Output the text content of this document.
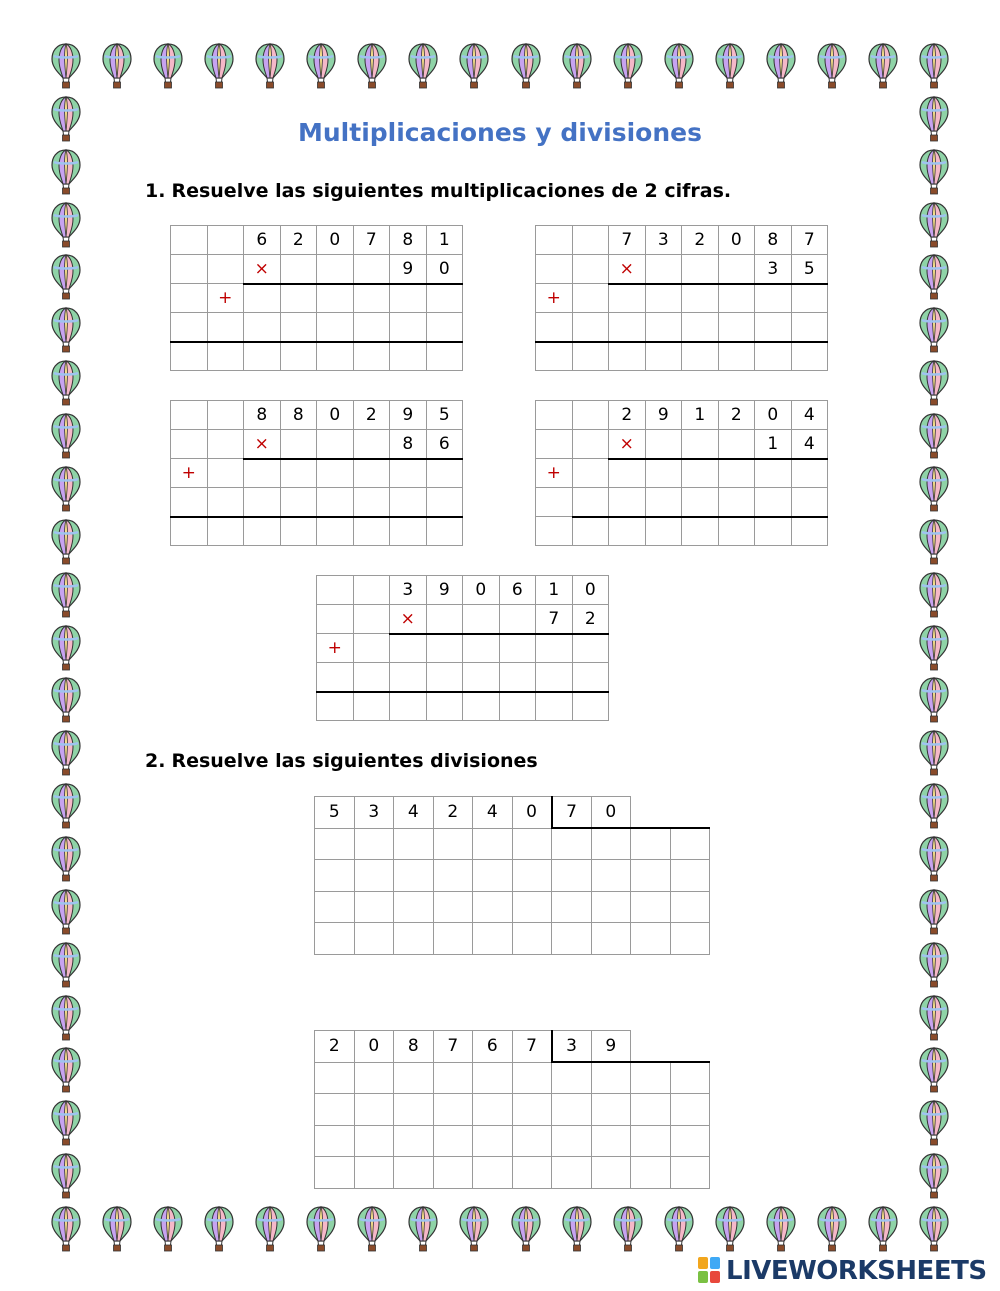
Multiplicaciones y divisiones
1. Resuelve las siguientes multiplicaciones de 2 cifras.
		6	2	0	7	8	1
		×				9	0
	+						

		7	3	2	0	8	7
		×				3	5
+							

		8	8	0	2	9	5
		×				8	6
+							

		2	9	1	2	0	4
		×				1	4
+							

		3	9	0	6	1	0
		×				7	2
+							

2. Resuelve las siguientes divisiones
5	3	4	2	4	0	7	0		

2	0	8	7	6	7	3	9		

LIVEWORKSHEETS
